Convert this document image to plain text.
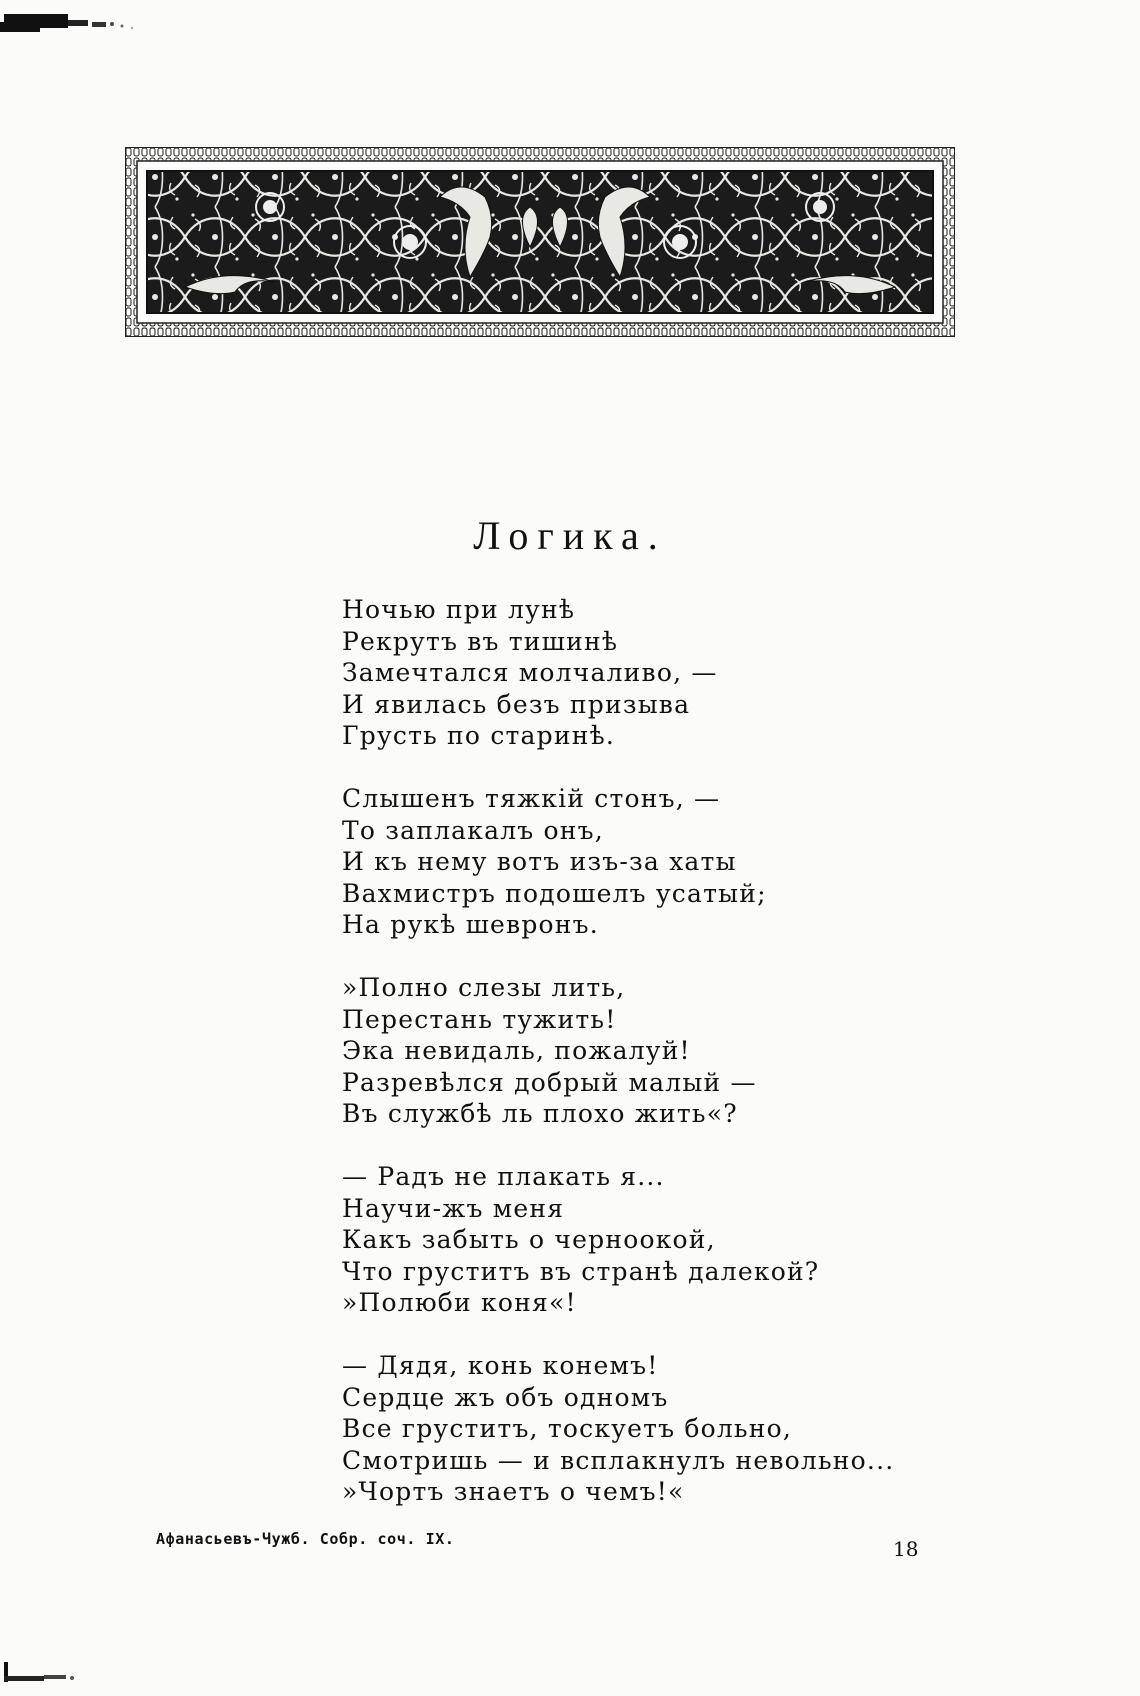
Логика.
Ночью при лунѣ
Рекрутъ въ тишинѣ
Замечтался молчаливо, —
И явилась безъ призыва
Грусть по старинѣ.
Слышенъ тяжкій стонъ, —
То заплакалъ онъ,
И къ нему вотъ изъ-за хаты
Вахмистръ подошелъ усатый;
На рукѣ шевронъ.
»Полно слезы лить,
Перестань тужить!
Эка невидаль, пожалуй!
Разревѣлся добрый малый —
Въ службѣ ль плохо жить«?
— Радъ не плакать я...
Научи-жъ меня
Какъ забыть о черноокой,
Что груститъ въ странѣ далекой?
»Полюби коня«!
— Дядя, конь конемъ!
Сердце жъ объ одномъ
Все груститъ, тоскуетъ больно,
Смотришь — и всплакнулъ невольно...
»Чортъ знаетъ о чемъ!«
Афанасьевъ-Чужб. Собр. соч. IX.	18
